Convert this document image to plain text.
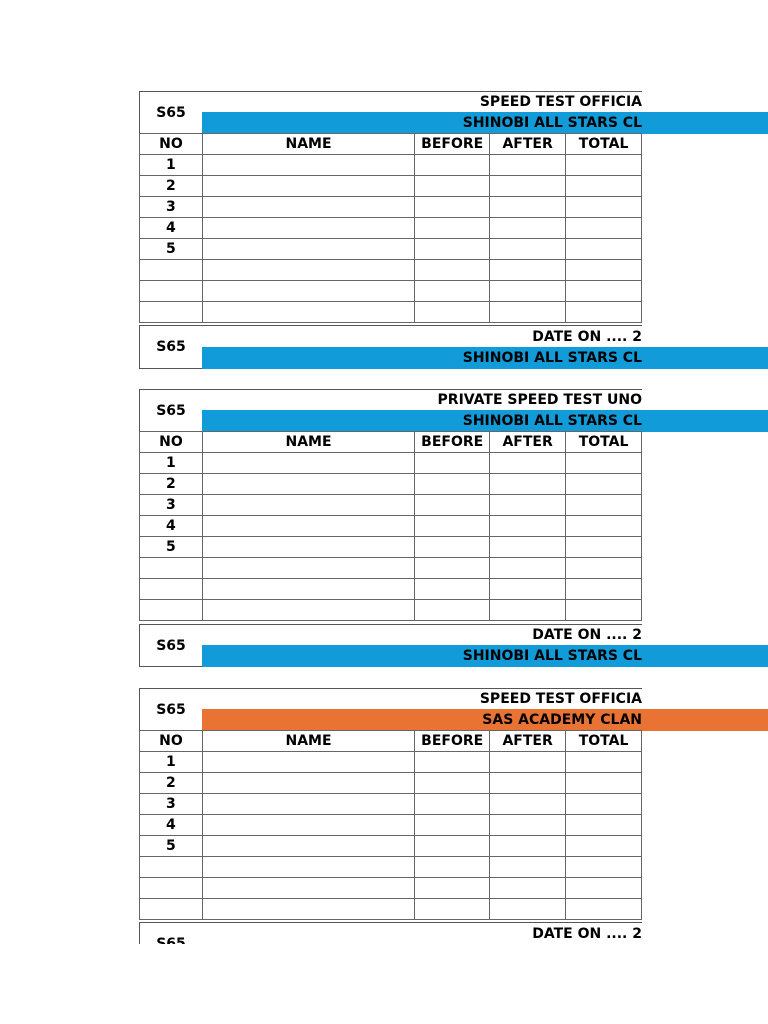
S65
SPEED TEST OFFICIA
SHINOBI ALL STARS CL
NO	NAME	BEFORE	AFTER	TOTAL
1				
2				
3				
4				
5				

S65
DATE ON .... 2
SHINOBI ALL STARS CL
S65
PRIVATE SPEED TEST UNO
SHINOBI ALL STARS CL
NO	NAME	BEFORE	AFTER	TOTAL
1				
2				
3				
4				
5				

S65
DATE ON .... 2
SHINOBI ALL STARS CL
S65
SPEED TEST OFFICIA
SAS ACADEMY CLAN
NO	NAME	BEFORE	AFTER	TOTAL
1				
2				
3				
4				
5				

DATE ON .... 2
